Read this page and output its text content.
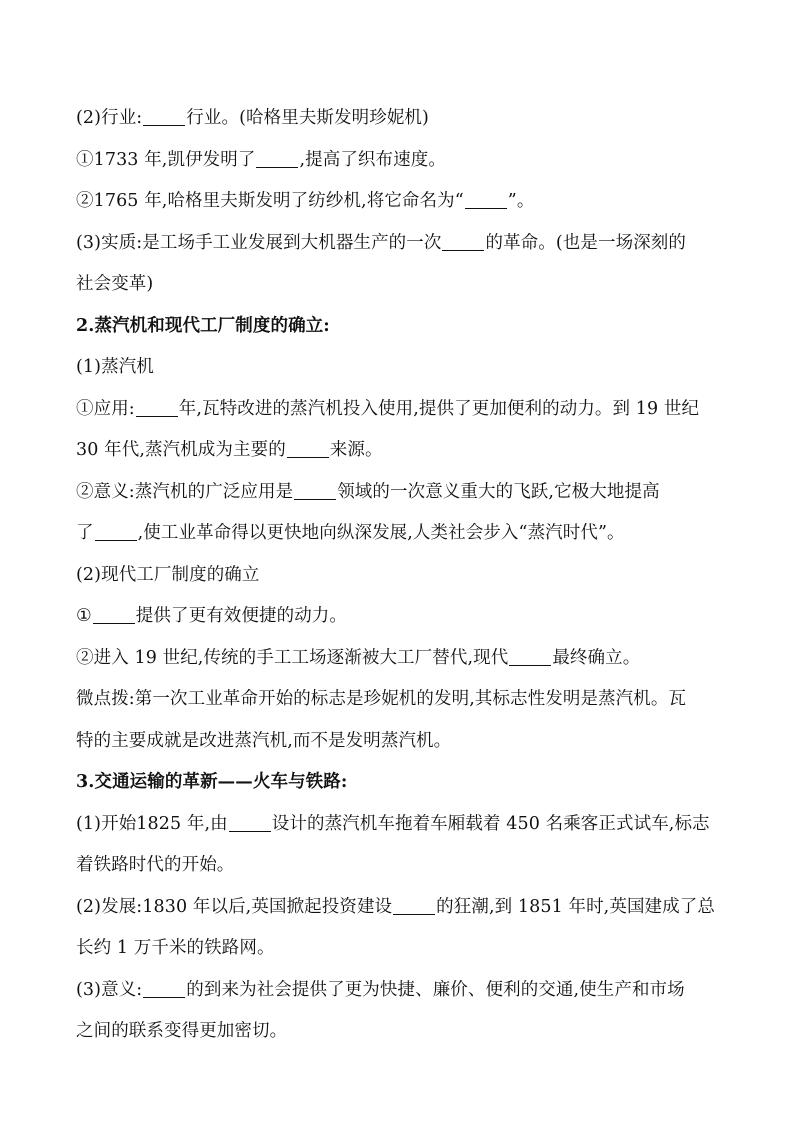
(2)行业:	行业。(哈格里夫斯发明珍妮机)
①1733 年,凯伊发明了	,提高了织布速度。
②1765 年,哈格里夫斯发明了纺纱机,将它命名为“	”。
(3)实质:是工场手工业发展到大机器生产的一次	的革命。(也是一场深刻的
社会变革)
2.蒸汽机和现代工厂制度的确立:
(1)蒸汽机
①应用:	年,瓦特改进的蒸汽机投入使用,提供了更加便利的动力。到 19 世纪
30 年代,蒸汽机成为主要的	来源。
②意义:蒸汽机的广泛应用是	领域的一次意义重大的飞跃,它极大地提高
了	,使工业革命得以更快地向纵深发展,人类社会步入“蒸汽时代”。
(2)现代工厂制度的确立
①	提供了更有效便捷的动力。
②进入 19 世纪,传统的手工工场逐渐被大工厂替代,现代	最终确立。
微点拨:第一次工业革命开始的标志是珍妮机的发明,其标志性发明是蒸汽机。瓦
特的主要成就是改进蒸汽机,而不是发明蒸汽机。
3.交通运输的革新——火车与铁路:
(1)开始1825 年,由	设计的蒸汽机车拖着车厢载着 450 名乘客正式试车,标志
着铁路时代的开始。
(2)发展:1830 年以后,英国掀起投资建设	的狂潮,到 1851 年时,英国建成了总
长约 1 万千米的铁路网。
(3)意义:	的到来为社会提供了更为快捷、廉价、便利的交通,使生产和市场
之间的联系变得更加密切。
